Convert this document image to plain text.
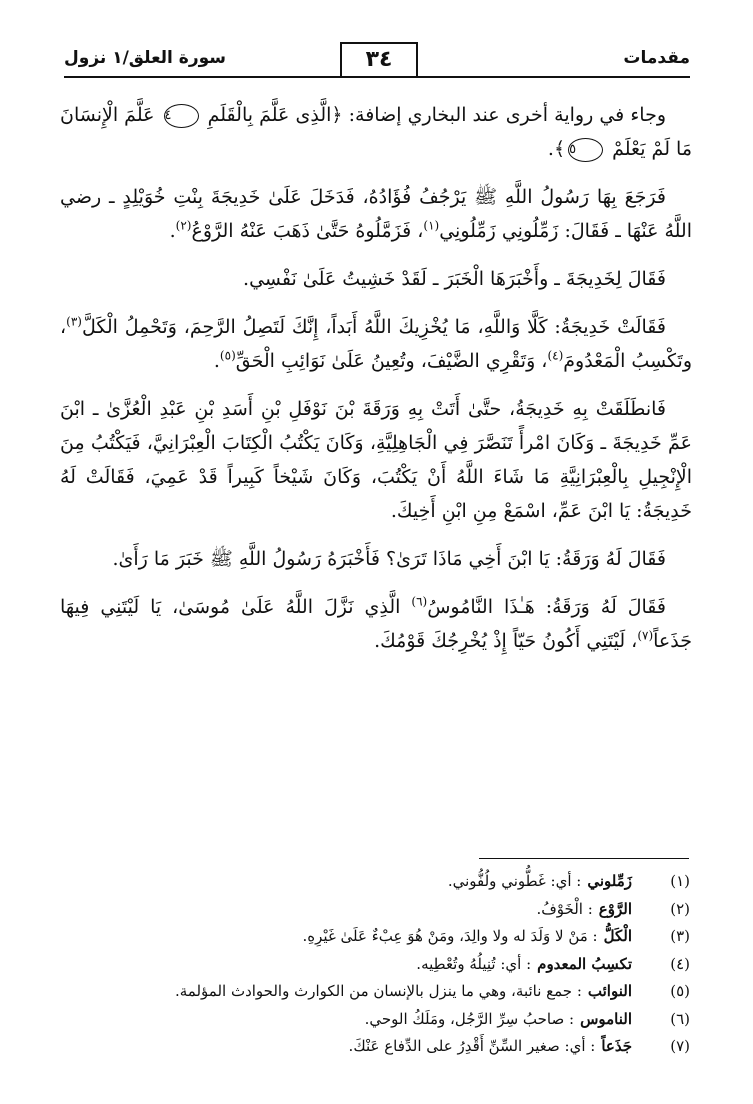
مقدمات
٣٤
سورة العلق/١ نزول

وجاء في رواية أخرى عند البخاري إضافة: ﴿الَّذِى عَلَّمَ بِالْقَلَمِ ٤ عَلَّمَ الْإِنسَانَ مَا لَمْ يَعْلَمْ ٥﴾.

فَرَجَعَ بِهَا رَسُولُ اللَّهِ ﷺ يَرْجُفُ فُؤَادُهُ، فَدَخَلَ عَلَىٰ خَدِيجَةَ بِنْتِ خُوَيْلِدٍ ـ رضي اللَّهُ عَنْهَا ـ فَقَالَ: زَمِّلُونِي زَمِّلُونِي$^{(١)}$، فَزَمَّلُوهُ حَتَّىٰ ذَهَبَ عَنْهُ الرَّوْعُ$^{(٢)}$.

فَقَالَ لِخَدِيجَةَ ـ وأَخْبَرَهَا الْخَبَرَ ـ لَقَدْ خَشِيتُ عَلَىٰ نَفْسِي.

فَقَالَتْ خَدِيجَةُ: كَلَّا وَاللَّهِ، مَا يُخْزِيكَ اللَّهُ أَبَداً، إِنَّكَ لَتَصِلُ الرَّحِمَ، وَتَحْمِلُ الْكَلَّ$^{(٣)}$، وتَكْسِبُ الْمَعْدُومَ$^{(٤)}$، وَتَقْرِي الضَّيْفَ، وتُعِينُ عَلَىٰ نَوَائِبِ الْحَقِّ$^{(٥)}$.

فَانطَلَقَتْ بِهِ خَدِيجَةُ، حتَّىٰ أَتَتْ بِهِ وَرَقَةَ بْنَ نَوْفَلِ بْنِ أَسَدِ بْنِ عَبْدِ الْعُزَّىٰ ـ ابْنَ عَمِّ خَدِيجَةَ ـ وَكَانَ امْرأً تَنَصَّرَ فِي الْجَاهِلِيَّةِ، وَكَانَ يَكْتُبُ الْكِتَابَ الْعِبْرَانِيَّ، فَيَكْتُبُ مِنَ الْإِنْجِيلِ بِالْعِبْرَانِيَّةِ مَا شَاءَ اللَّهُ أَنْ يَكْتُبَ، وَكَانَ شَيْخاً كَبِيراً قَدْ عَمِيَ، فَقَالَتْ لَهُ خَدِيجَةُ: يَا ابْنَ عَمِّ، اسْمَعْ مِنِ ابْنِ أَخِيكَ.

فَقَالَ لَهُ وَرَقَةُ: يَا ابْنَ أَخِي مَاذَا تَرَىٰ؟ فَأَخْبَرَهُ رَسُولُ اللَّهِ ﷺ خَبَرَ مَا رَأَىٰ.

فَقَالَ لَهُ وَرَقَةُ: هَـٰذَا النَّامُوسُ$^{(٦)}$ الَّذِي نَزَّلَ اللَّهُ عَلَىٰ مُوسَىٰ، يَا لَيْتَنِي فِيهَا جَذَعاً$^{(٧)}$، لَيْتَنِي أَكُونُ حَيّاً إِذْ يُخْرِجُكَ قَوْمُكَ.

(١)
زَمِّلوني
: أي: غَطُّوني ولُفُّوني.
(٢)
الرَّوْع
: الْخَوْفُ.
(٣)
الْكَلُّ
: مَنْ لا وَلَدَ له ولا والِدَ، ومَنْ هُوَ عِبْءٌ عَلَىٰ غَيْرِهِ.
(٤)
تكسِبُ المعدوم
: أي: تُنِيلُهُ وتُعْطِيه.
(٥)
النوائب
: جمع نائبة، وهي ما ينزل بالإنسان من الكوارث والحوادث المؤلمة.
(٦)
الناموس
: صاحبُ سِرِّ الرَّجُل، ومَلَكُ الوحي.
(٧)
جَذَعاً
: أي: صغير السِّنِّ أَقْدِرُ على الدِّفاع عَنْكَ.
